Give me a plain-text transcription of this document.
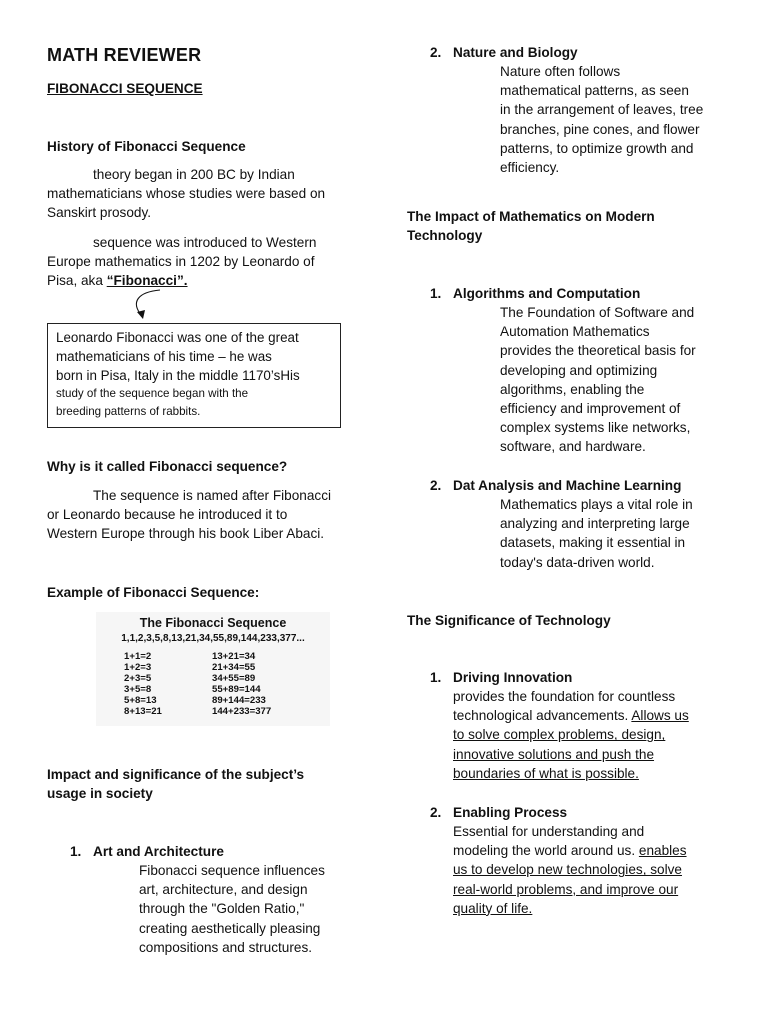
MATH REVIEWER
FIBONACCI SEQUENCE
History of Fibonacci Sequence
theory began in 200 BC by Indian
mathematicians whose studies were based on
Sanskirt prosody.
sequence was introduced to Western
Europe mathematics in 1202 by Leonardo of
Pisa, aka “Fibonacci”.
Leonardo Fibonacci was one of the great
mathematicians of his time – he was
born in Pisa, Italy in the middle 1170’sHis
study of the sequence began with the
breeding patterns of rabbits.
Why is it called Fibonacci sequence?
The sequence is named after Fibonacci
or Leonardo because he introduced it to
Western Europe through his book Liber Abaci.
Example of Fibonacci Sequence:
The Fibonacci Sequence
1,1,2,3,5,8,13,21,34,55,89,144,233,377...
1+1=2
1+2=3
2+3=5
3+5=8
5+8=13
8+13=21
13+21=34
21+34=55
34+55=89
55+89=144
89+144=233
144+233=377
Impact and significance of the subject’s
usage in society
1. Art and Architecture
Fibonacci sequence influences
art, architecture, and design
through the "Golden Ratio,"
creating aesthetically pleasing
compositions and structures.
2. Nature and Biology
Nature often follows
mathematical patterns, as seen
in the arrangement of leaves, tree
branches, pine cones, and flower
patterns, to optimize growth and
efficiency.
The Impact of Mathematics on Modern
Technology
1. Algorithms and Computation
The Foundation of Software and
Automation Mathematics
provides the theoretical basis for
developing and optimizing
algorithms, enabling the
efficiency and improvement of
complex systems like networks,
software, and hardware.
2. Dat Analysis and Machine Learning
Mathematics plays a vital role in
analyzing and interpreting large
datasets, making it essential in
today's data-driven world.
The Significance of Technology
1. Driving Innovation
provides the foundation for countless
technological advancements. Allows us
to solve complex problems, design,
innovative solutions and push the
boundaries of what is possible.
2. Enabling Process
Essential for understanding and
modeling the world around us. enables
us to develop new technologies, solve
real-world problems, and improve our
quality of life.
